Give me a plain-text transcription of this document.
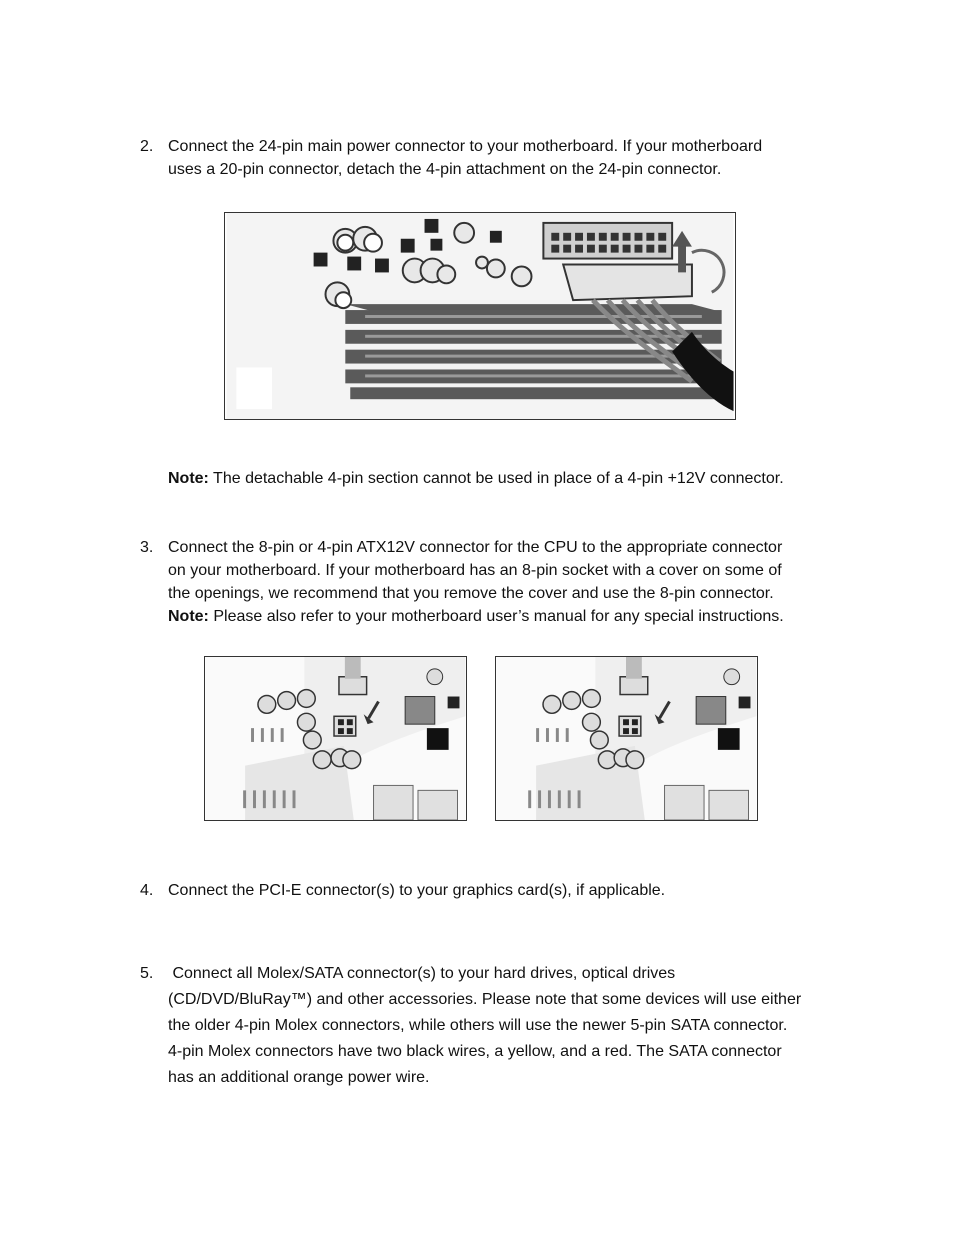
2. Connect the 24-pin main power connector to your motherboard. If your motherboard

uses a 20-pin connector, detach the 4-pin attachment on the 24-pin connector.

Note: The detachable 4-pin section cannot be used in place of a 4-pin +12V connector.
3. Connect the 8-pin or 4-pin ATX12V connector for the CPU to the appropriate connector

on your motherboard. If your motherboard has an 8-pin socket with a cover on some of

the openings, we recommend that you remove the cover and use the 8-pin connector.

Note: Please also refer to your motherboard user’s manual for any special instructions.

4. Connect the PCI-E connector(s) to your graphics card(s), if applicable.

5. Connect all Molex/SATA connector(s) to your hard drives, optical drives

(CD/DVD/BluRay™) and other accessories. Please note that some devices will use either

the older 4-pin Molex connectors, while others will use the newer 5-pin SATA connector.

4-pin Molex connectors have two black wires, a yellow, and a red. The SATA connector

has an additional orange power wire.
